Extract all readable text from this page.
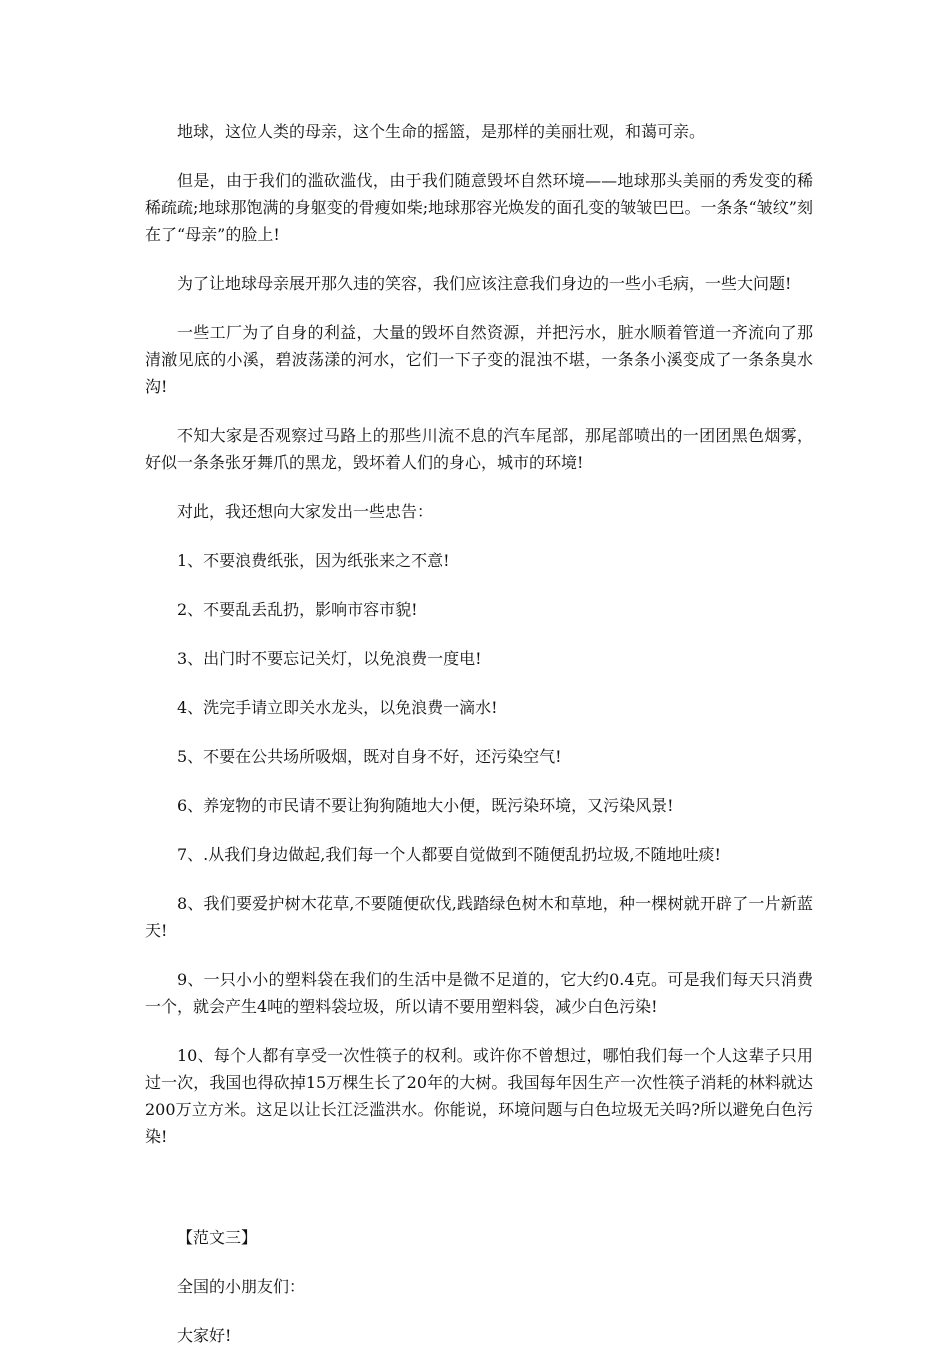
地球，这位人类的母亲，这个生命的摇篮，是那样的美丽壮观，和蔼可亲。

但是，由于我们的滥砍滥伐，由于我们随意毁坏自然环境——地球那头美丽的秀发变的稀稀疏疏;地球那饱满的身躯变的骨瘦如柴;地球那容光焕发的面孔变的皱皱巴巴。一条条“皱纹”刻在了“母亲”的脸上!

为了让地球母亲展开那久违的笑容，我们应该注意我们身边的一些小毛病，一些大问题!

一些工厂为了自身的利益，大量的毁坏自然资源，并把污水，脏水顺着管道一齐流向了那清澈见底的小溪，碧波荡漾的河水，它们一下子变的混浊不堪，一条条小溪变成了一条条臭水沟!

不知大家是否观察过马路上的那些川流不息的汽车尾部，那尾部喷出的一团团黑色烟雾，好似一条条张牙舞爪的黑龙，毁坏着人们的身心，城市的环境!

对此，我还想向大家发出一些忠告：

1、不要浪费纸张，因为纸张来之不意!

2、不要乱丢乱扔，影响市容市貌!

3、出门时不要忘记关灯，以免浪费一度电!

4、洗完手请立即关水龙头，以免浪费一滴水!

5、不要在公共场所吸烟，既对自身不好，还污染空气!

6、养宠物的市民请不要让狗狗随地大小便，既污染环境，又污染风景!

7、.从我们身边做起,我们每一个人都要自觉做到不随便乱扔垃圾,不随地吐痰!

8、我们要爱护树木花草,不要随便砍伐,践踏绿色树木和草地，种一棵树就开辟了一片新蓝天!

9、一只小小的塑料袋在我们的生活中是微不足道的，它大约0.4克。可是我们每天只消费一个，就会产生4吨的塑料袋垃圾，所以请不要用塑料袋，减少白色污染!

10、每个人都有享受一次性筷子的权利。或许你不曾想过，哪怕我们每一个人这辈子只用过一次，我国也得砍掉15万棵生长了20年的大树。我国每年因生产一次性筷子消耗的林料就达200万立方米。这足以让长江泛滥洪水。你能说，环境问题与白色垃圾无关吗?所以避免白色污染!

【范文三】

全国的小朋友们：

大家好!
